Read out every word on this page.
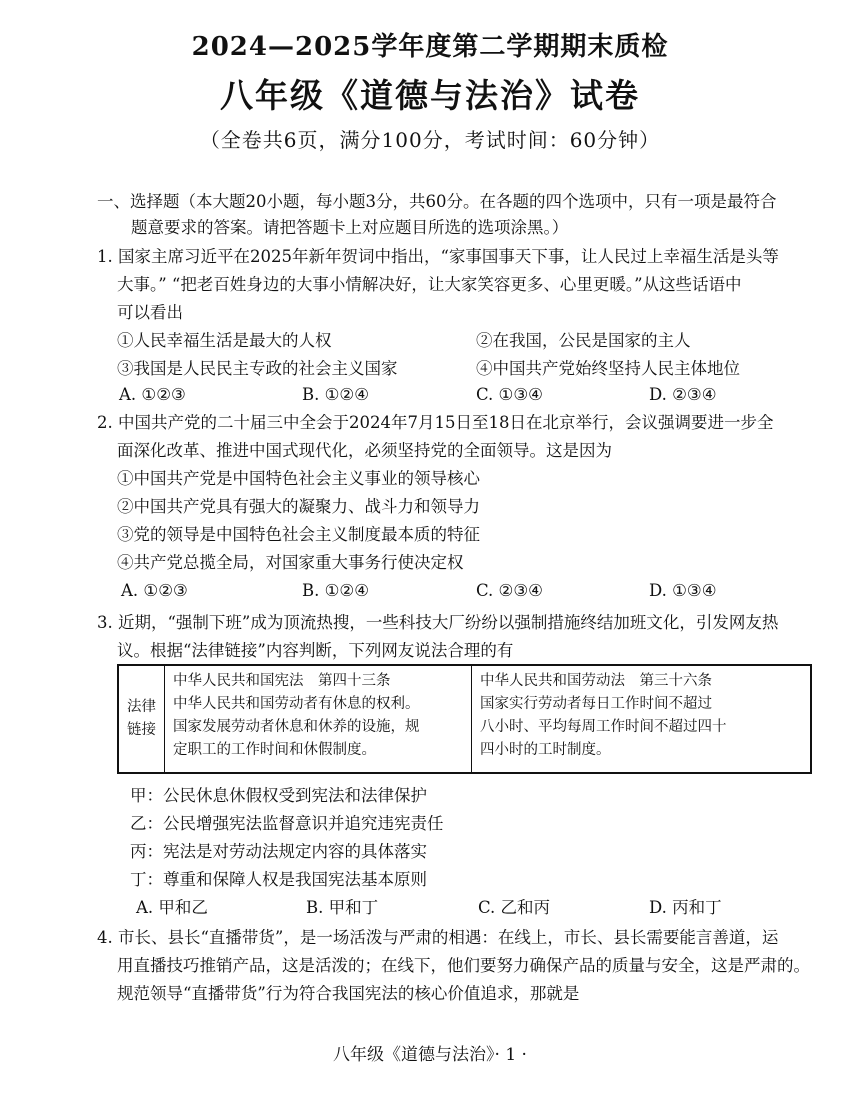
2024—2025学年度第二学期期末质检
八年级《道德与法治》试卷
（全卷共6页，满分100分，考试时间：60分钟）
一、选择题（本大题20小题，每小题3分，共60分。在各题的四个选项中，只有一项是最符合
题意要求的答案。请把答题卡上对应题目所选的选项涂黑。）
1. 国家主席习近平在2025年新年贺词中指出，“家事国事天下事，让人民过上幸福生活是头等
大事。” “把老百姓身边的大事小情解决好，让大家笑容更多、心里更暖。”从这些话语中
可以看出
①人民幸福生活是最大的人权	②在我国，公民是国家的主人
③我国是人民民主专政的社会主义国家	④中国共产党始终坚持人民主体地位
A. ①②③	B. ①②④	C. ①③④	D. ②③④
2. 中国共产党的二十届三中全会于2024年7月15日至18日在北京举行，会议强调要进一步全
面深化改革、推进中国式现代化，必须坚持党的全面领导。这是因为
①中国共产党是中国特色社会主义事业的领导核心
②中国共产党具有强大的凝聚力、战斗力和领导力
③党的领导是中国特色社会主义制度最本质的特征
④共产党总揽全局，对国家重大事务行使决定权
A. ①②③	B. ①②④	C. ②③④	D. ①③④
3. 近期，“强制下班”成为顶流热搜，一些科技大厂纷纷以强制措施终结加班文化，引发网友热
议。根据“法律链接”内容判断，下列网友说法合理的有
法律
链接

中华人民共和国宪法　第四十三条
中华人民共和国劳动者有休息的权利。
国家发展劳动者休息和休养的设施，规
定职工的工作时间和休假制度。

中华人民共和国劳动法　第三十六条
国家实行劳动者每日工作时间不超过
八小时、平均每周工作时间不超过四十
四小时的工时制度。
甲：公民休息休假权受到宪法和法律保护
乙：公民增强宪法监督意识并追究违宪责任
丙：宪法是对劳动法规定内容的具体落实
丁：尊重和保障人权是我国宪法基本原则
A. 甲和乙	B. 甲和丁	C. 乙和丙	D. 丙和丁
4. 市长、县长“直播带货”，是一场活泼与严肃的相遇：在线上，市长、县长需要能言善道，运
用直播技巧推销产品，这是活泼的；在线下，他们要努力确保产品的质量与安全，这是严肃的。
规范领导“直播带货”行为符合我国宪法的核心价值追求，那就是
八年级《道德与法治》· 1 ·
